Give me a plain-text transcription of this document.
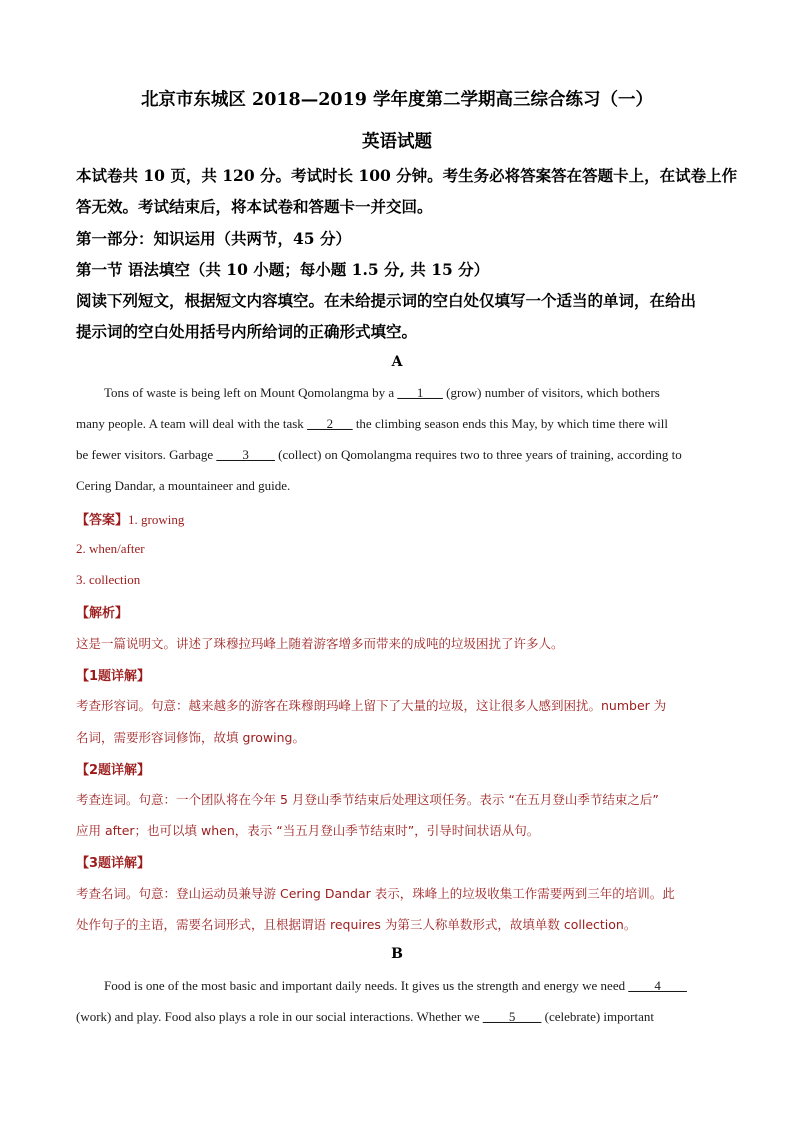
北京市东城区 2018—2019 学年度第二学期高三综合练习（一）
英语试题
本试卷共 10 页，共 120 分。考试时长 100 分钟。考生务必将答案答在答题卡上，在试卷上作
答无效。考试结束后，将本试卷和答题卡一并交回。
第一部分：知识运用（共两节，45 分）
第一节 语法填空（共 10 小题；每小题 1.5 分, 共 15 分）
阅读下列短文，根据短文内容填空。在未给提示词的空白处仅填写一个适当的单词，在给出
提示词的空白处用括号内所给词的正确形式填空。
A
Tons of waste is being left on Mount Qomolangma by a ___1___ (grow) number of visitors, which bothers
many people. A team will deal with the task ___2___ the climbing season ends this May, by which time there will
be fewer visitors. Garbage ____3____ (collect) on Qomolangma requires two to three years of training, according to
Cering Dandar, a mountaineer and guide.
【答案】1. growing
2. when/after
3. collection
【解析】
这是一篇说明文。讲述了珠穆拉玛峰上随着游客增多而带来的成吨的垃圾困扰了许多人。
【1题详解】
考查形容词。句意：越来越多的游客在珠穆朗玛峰上留下了大量的垃圾，这让很多人感到困扰。number 为
名词，需要形容词修饰，故填 growing。
【2题详解】
考查连词。句意：一个团队将在今年 5 月登山季节结束后处理这项任务。表示 “在五月登山季节结束之后”
应用 after；也可以填 when，表示 “当五月登山季节结束时”，引导时间状语从句。
【3题详解】
考查名词。句意：登山运动员兼导游 Cering Dandar 表示，珠峰上的垃圾收集工作需要两到三年的培训。此
处作句子的主语，需要名词形式，且根据谓语 requires 为第三人称单数形式，故填单数 collection。
B
Food is one of the most basic and important daily needs. It gives us the strength and energy we need ____4____
(work) and play. Food also plays a role in our social interactions. Whether we ____5____ (celebrate) important
